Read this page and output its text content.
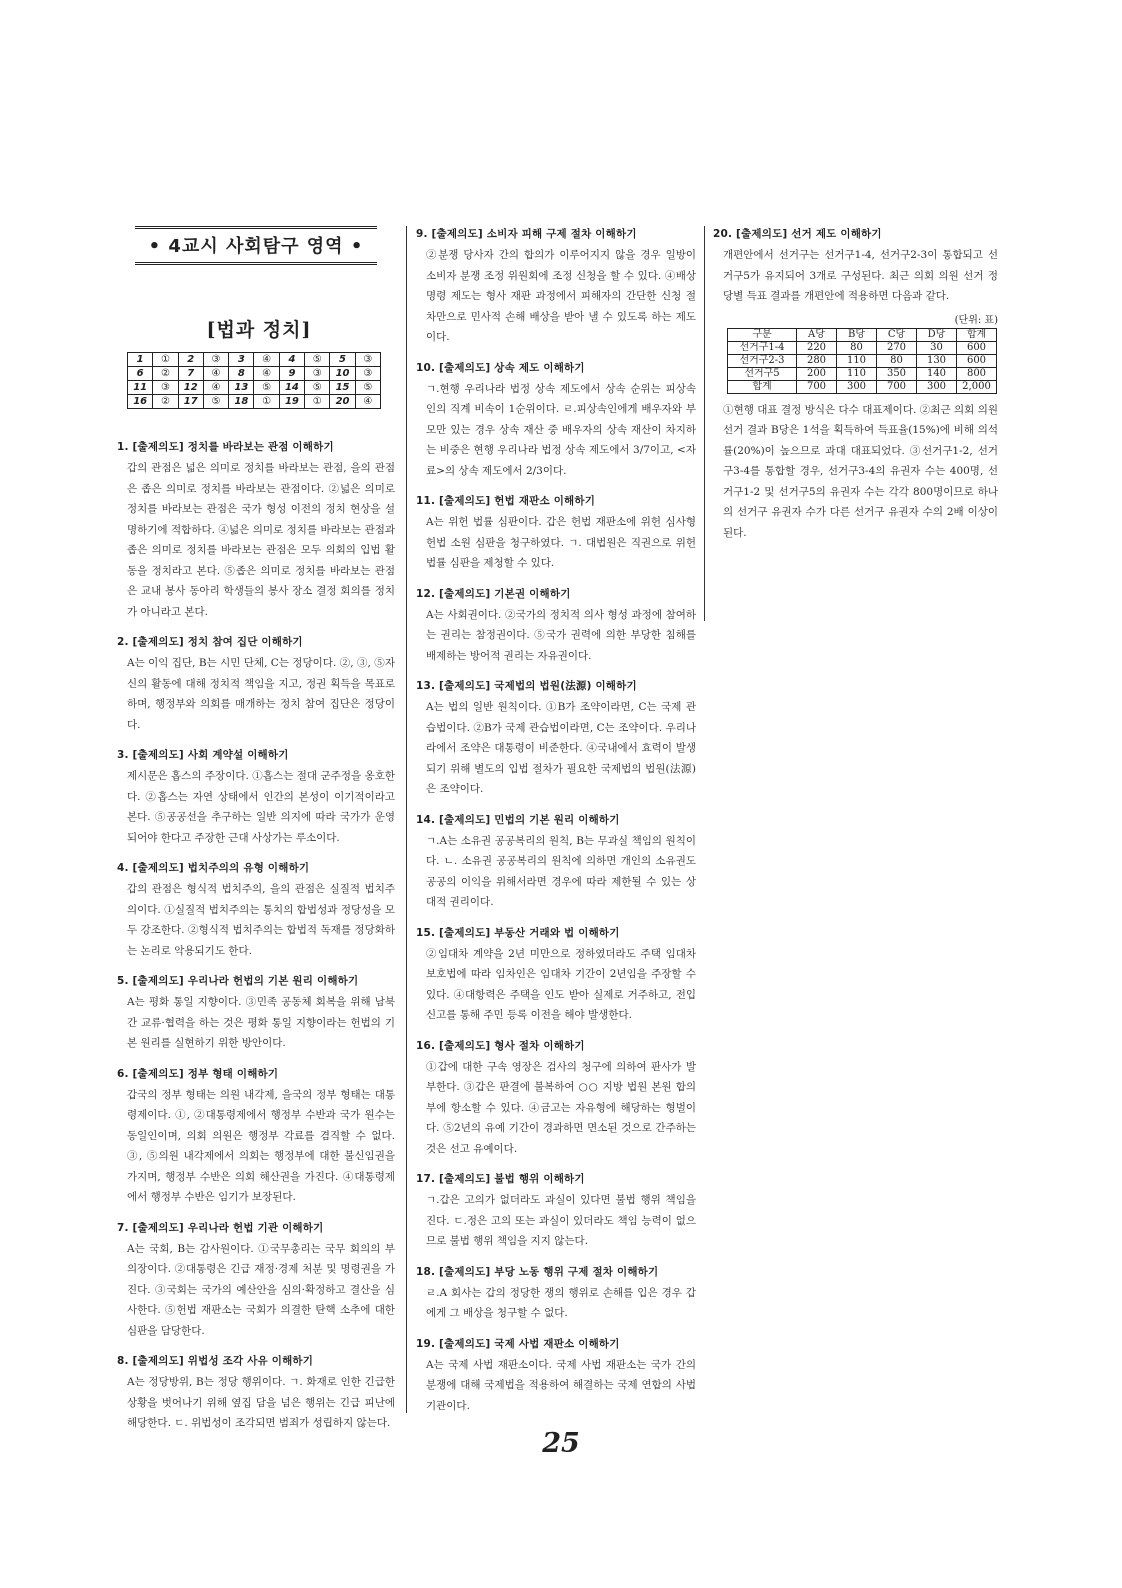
• 4교시 사회탐구 영역 •
[법과 정치]
1	①	2	③	3	④	4	⑤	5	③
6	②	7	④	8	④	9	③	10	③
11	③	12	④	13	⑤	14	⑤	15	⑤
16	②	17	⑤	18	①	19	①	20	④
1. [출제의도] 정치를 바라보는 관점 이해하기

갑의 관점은 넓은 의미로 정치를 바라보는 관점, 을의 관점은 좁은 의미로 정치를 바라보는 관점이다. ②넓은 의미로 정치를 바라보는 관점은 국가 형성 이전의 정치 현상을 설명하기에 적합하다. ④넓은 의미로 정치를 바라보는 관점과 좁은 의미로 정치를 바라보는 관점은 모두 의회의 입법 활동을 정치라고 본다. ⑤좁은 의미로 정치를 바라보는 관점은 교내 봉사 동아리 학생들의 봉사 장소 결정 회의를 정치가 아니라고 본다.

2. [출제의도] 정치 참여 집단 이해하기

A는 이익 집단, B는 시민 단체, C는 정당이다. ②, ③, ⑤자신의 활동에 대해 정치적 책임을 지고, 정권 획득을 목표로 하며, 행정부와 의회를 매개하는 정치 참여 집단은 정당이다.

3. [출제의도] 사회 계약설 이해하기

제시문은 홉스의 주장이다. ①홉스는 절대 군주정을 옹호한다. ②홉스는 자연 상태에서 인간의 본성이 이기적이라고 본다. ⑤공공선을 추구하는 일반 의지에 따라 국가가 운영되어야 한다고 주장한 근대 사상가는 루소이다.

4. [출제의도] 법치주의의 유형 이해하기

갑의 관점은 형식적 법치주의, 을의 관점은 실질적 법치주의이다. ①실질적 법치주의는 통치의 합법성과 정당성을 모두 강조한다. ②형식적 법치주의는 합법적 독재를 정당화하는 논리로 악용되기도 한다.

5. [출제의도] 우리나라 헌법의 기본 원리 이해하기

A는 평화 통일 지향이다. ③민족 공동체 회복을 위해 남북 간 교류·협력을 하는 것은 평화 통일 지향이라는 헌법의 기본 원리를 실현하기 위한 방안이다.

6. [출제의도] 정부 형태 이해하기

갑국의 정부 형태는 의원 내각제, 을국의 정부 형태는 대통령제이다. ①, ②대통령제에서 행정부 수반과 국가 원수는 동일인이며, 의회 의원은 행정부 각료를 겸직할 수 없다. ③, ⑤의원 내각제에서 의회는 행정부에 대한 불신임권을 가지며, 행정부 수반은 의회 해산권을 가진다. ④대통령제에서 행정부 수반은 임기가 보장된다.

7. [출제의도] 우리나라 헌법 기관 이해하기

A는 국회, B는 감사원이다. ①국무총리는 국무 회의의 부의장이다. ②대통령은 긴급 재정·경제 처분 및 명령권을 가진다. ③국회는 국가의 예산안을 심의·확정하고 결산을 심사한다. ⑤헌법 재판소는 국회가 의결한 탄핵 소추에 대한 심판을 담당한다.

8. [출제의도] 위법성 조각 사유 이해하기

A는 정당방위, B는 정당 행위이다. ㄱ. 화재로 인한 긴급한 상황을 벗어나기 위해 옆집 담을 넘은 행위는 긴급 피난에 해당한다. ㄷ. 위법성이 조각되면 범죄가 성립하지 않는다.

9. [출제의도] 소비자 피해 구제 절차 이해하기

②분쟁 당사자 간의 합의가 이루어지지 않을 경우 일방이 소비자 분쟁 조정 위원회에 조정 신청을 할 수 있다. ④배상 명령 제도는 형사 재판 과정에서 피해자의 간단한 신청 절차만으로 민사적 손해 배상을 받아 낼 수 있도록 하는 제도이다.

10. [출제의도] 상속 제도 이해하기

ㄱ.현행 우리나라 법정 상속 제도에서 상속 순위는 피상속인의 직계 비속이 1순위이다. ㄹ.피상속인에게 배우자와 부모만 있는 경우 상속 재산 중 배우자의 상속 재산이 차지하는 비중은 현행 우리나라 법정 상속 제도에서 3/7이고, <자료>의 상속 제도에서 2/3이다.

11. [출제의도] 헌법 재판소 이해하기

A는 위헌 법률 심판이다. 갑은 헌법 재판소에 위헌 심사형 헌법 소원 심판을 청구하였다. ㄱ. 대법원은 직권으로 위헌 법률 심판을 제청할 수 있다.

12. [출제의도] 기본권 이해하기

A는 사회권이다. ②국가의 정치적 의사 형성 과정에 참여하는 권리는 참정권이다. ⑤국가 권력에 의한 부당한 침해를 배제하는 방어적 권리는 자유권이다.

13. [출제의도] 국제법의 법원(法源) 이해하기

A는 법의 일반 원칙이다. ①B가 조약이라면, C는 국제 관습법이다. ②B가 국제 관습법이라면, C는 조약이다. 우리나라에서 조약은 대통령이 비준한다. ④국내에서 효력이 발생되기 위해 별도의 입법 절차가 필요한 국제법의 법원(法源)은 조약이다.

14. [출제의도] 민법의 기본 원리 이해하기

ㄱ.A는 소유권 공공복리의 원칙, B는 무과실 책임의 원칙이다. ㄴ. 소유권 공공복리의 원칙에 의하면 개인의 소유권도 공공의 이익을 위해서라면 경우에 따라 제한될 수 있는 상대적 권리이다.

15. [출제의도] 부동산 거래와 법 이해하기

②임대차 계약을 2년 미만으로 정하였더라도 주택 임대차 보호법에 따라 임차인은 임대차 기간이 2년임을 주장할 수 있다. ④대항력은 주택을 인도 받아 실제로 거주하고, 전입 신고를 통해 주민 등록 이전을 해야 발생한다.

16. [출제의도] 형사 절차 이해하기

①갑에 대한 구속 영장은 검사의 청구에 의하여 판사가 발부한다. ③갑은 판결에 불복하여 ○○ 지방 법원 본원 합의부에 항소할 수 있다. ④금고는 자유형에 해당하는 형벌이다. ⑤2년의 유예 기간이 경과하면 면소된 것으로 간주하는 것은 선고 유예이다.

17. [출제의도] 불법 행위 이해하기

ㄱ.갑은 고의가 없더라도 과실이 있다면 불법 행위 책임을 진다. ㄷ.정은 고의 또는 과실이 있더라도 책임 능력이 없으므로 불법 행위 책임을 지지 않는다.

18. [출제의도] 부당 노동 행위 구제 절차 이해하기

ㄹ.A 회사는 갑의 정당한 쟁의 행위로 손해를 입은 경우 갑에게 그 배상을 청구할 수 없다.

19. [출제의도] 국제 사법 재판소 이해하기

A는 국제 사법 재판소이다. 국제 사법 재판소는 국가 간의 분쟁에 대해 국제법을 적용하여 해결하는 국제 연합의 사법 기관이다.

20. [출제의도] 선거 제도 이해하기

개편안에서 선거구는 선거구1-4, 선거구2-3이 통합되고 선거구5가 유지되어 3개로 구성된다. 최근 의회 의원 선거 정당별 득표 결과를 개편안에 적용하면 다음과 같다.

(단위: 표)
구분	A당	B당	C당	D당	합계
선거구1-4	220	80	270	30	600
선거구2-3	280	110	80	130	600
선거구5	200	110	350	140	800
합계	700	300	700	300	2,000

①현행 대표 결정 방식은 다수 대표제이다. ②최근 의회 의원 선거 결과 B당은 1석을 획득하여 득표율(15%)에 비해 의석률(20%)이 높으므로 과대 대표되었다. ③선거구1-2, 선거구3-4를 통합할 경우, 선거구3-4의 유권자 수는 400명, 선거구1-2 및 선거구5의 유권자 수는 각각 800명이므로 하나의 선거구 유권자 수가 다른 선거구 유권자 수의 2배 이상이 된다.

25
